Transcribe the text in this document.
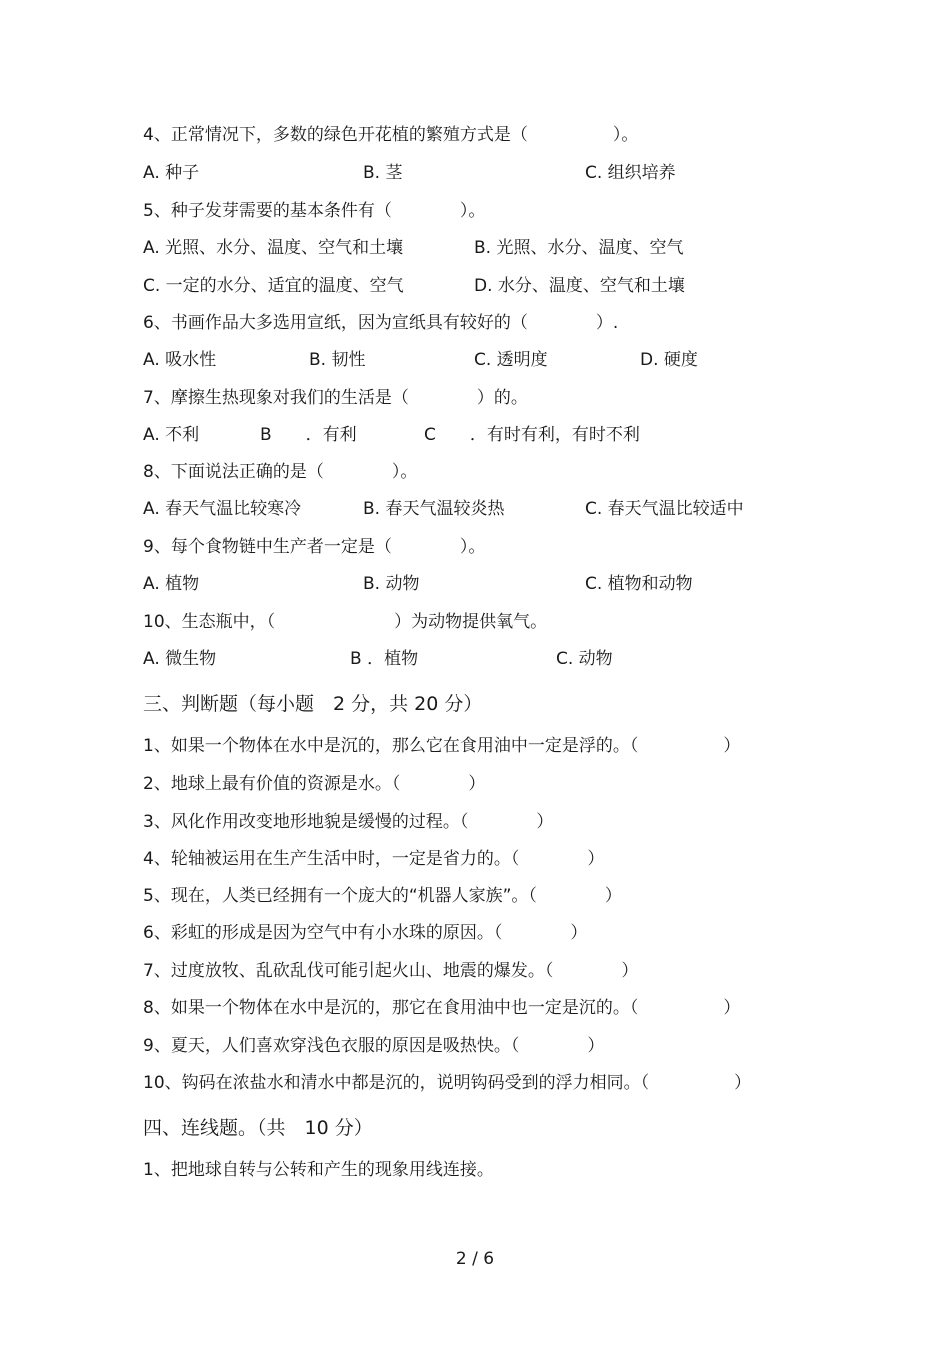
4、正常情况下，多数的绿色开花植的繁殖方式是（　　　　　）。
A. 种子	B. 茎	C. 组织培养
5、种子发芽需要的基本条件有（　　　　）。
A. 光照、水分、温度、空气和土壤	B. 光照、水分、温度、空气
C. 一定的水分、适宜的温度、空气	D. 水分、温度、空气和土壤
6、书画作品大多选用宣纸，因为宣纸具有较好的（　　　　）.
A. 吸水性	B. 韧性	C. 透明度	D. 硬度
7、摩擦生热现象对我们的生活是（　　　　）的。
A. 不利	B　　．有利	C　　．有时有利，有时不利
8、下面说法正确的是（　　　　）。
A. 春天气温比较寒冷	B. 春天气温较炎热	C. 春天气温比较适中
9、每个食物链中生产者一定是（　　　　）。
A. 植物	B. 动物	C. 植物和动物
10、生态瓶中，（　　　　　　　）为动物提供氧气。
A. 微生物	B ．植物	C. 动物
三、判断题（每小题　2 分，共 20 分）
1、如果一个物体在水中是沉的，那么它在食用油中一定是浮的。（　　　　　）
2、地球上最有价值的资源是水。（　　　　）
3、风化作用改变地形地貌是缓慢的过程。（　　　　）
4、轮轴被运用在生产生活中时，一定是省力的。（　　　　）
5、现在，人类已经拥有一个庞大的“机器人家族”。（　　　　）
6、彩虹的形成是因为空气中有小水珠的原因。（　　　　）
7、过度放牧、乱砍乱伐可能引起火山、地震的爆发。（　　　　）
8、如果一个物体在水中是沉的，那它在食用油中也一定是沉的。（　　　　　）
9、夏天，人们喜欢穿浅色衣服的原因是吸热快。（　　　　）
10、钩码在浓盐水和清水中都是沉的，说明钩码受到的浮力相同。（　　　　　）
四、连线题。（共　10 分）
1、把地球自转与公转和产生的现象用线连接。
2 / 6
